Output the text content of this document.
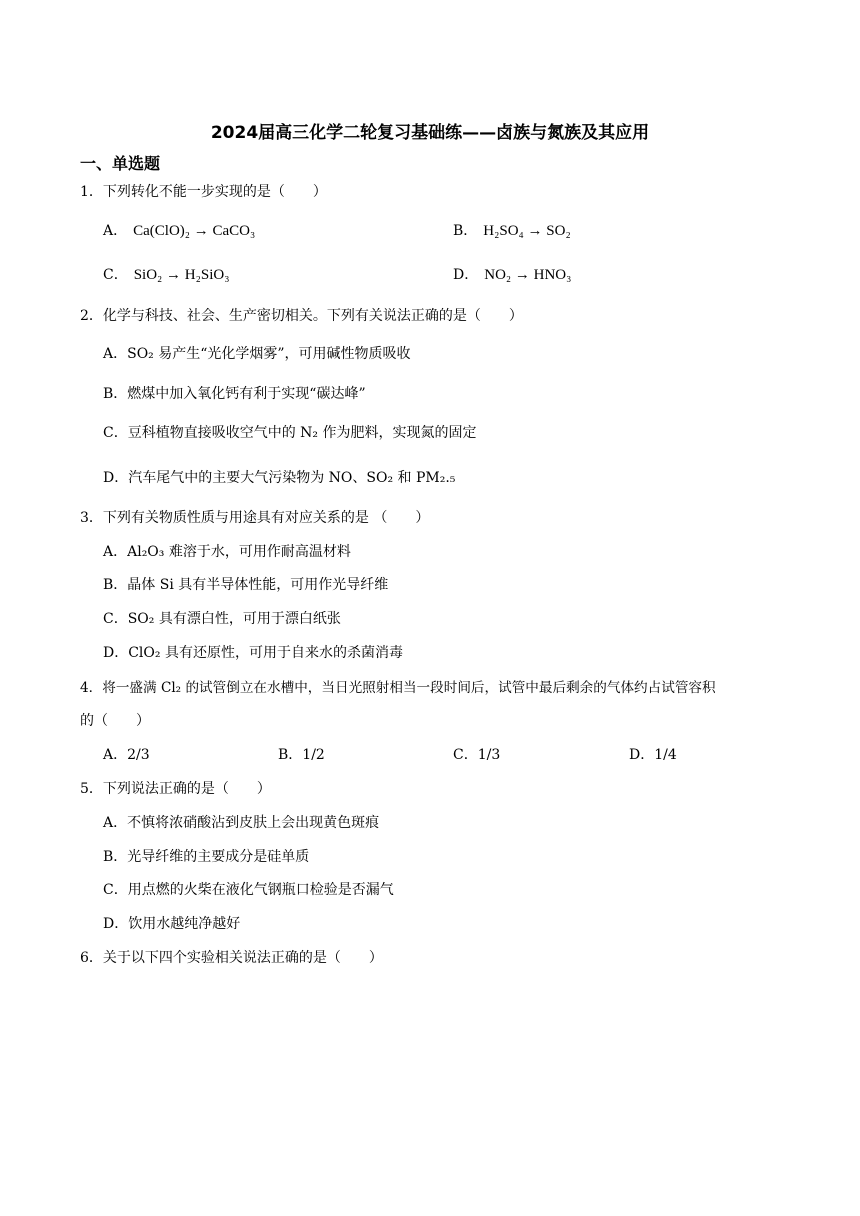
2024届高三化学二轮复习基础练——卤族与氮族及其应用
一、单选题
1．下列转化不能一步实现的是（　　）
A． Ca(ClO)₂ → CaCO₃	B． H₂SO₄ → SO₂
C． SiO₂ → H₂SiO₃	D． NO₂ → HNO₃
2．化学与科技、社会、生产密切相关。下列有关说法正确的是（　　）
A．SO₂ 易产生“光化学烟雾”，可用碱性物质吸收
B．燃煤中加入氧化钙有利于实现“碳达峰”
C．豆科植物直接吸收空气中的 N₂ 作为肥料，实现氮的固定
D．汽车尾气中的主要大气污染物为 NO、SO₂ 和 PM₂.₅
3．下列有关物质性质与用途具有对应关系的是 （　　）
A．Al₂O₃ 难溶于水，可用作耐高温材料
B．晶体 Si 具有半导体性能，可用作光导纤维
C．SO₂ 具有漂白性，可用于漂白纸张
D．ClO₂ 具有还原性，可用于自来水的杀菌消毒
4．将一盛满 Cl₂ 的试管倒立在水槽中，当日光照射相当一段时间后，试管中最后剩余的气体约占试管容积
的（　　）
A．2/3	B．1/2	C．1/3	D．1/4
5．下列说法正确的是（　　）
A．不慎将浓硝酸沾到皮肤上会出现黄色斑痕
B．光导纤维的主要成分是硅单质
C．用点燃的火柴在液化气钢瓶口检验是否漏气
D．饮用水越纯净越好
6．关于以下四个实验相关说法正确的是（　　）
